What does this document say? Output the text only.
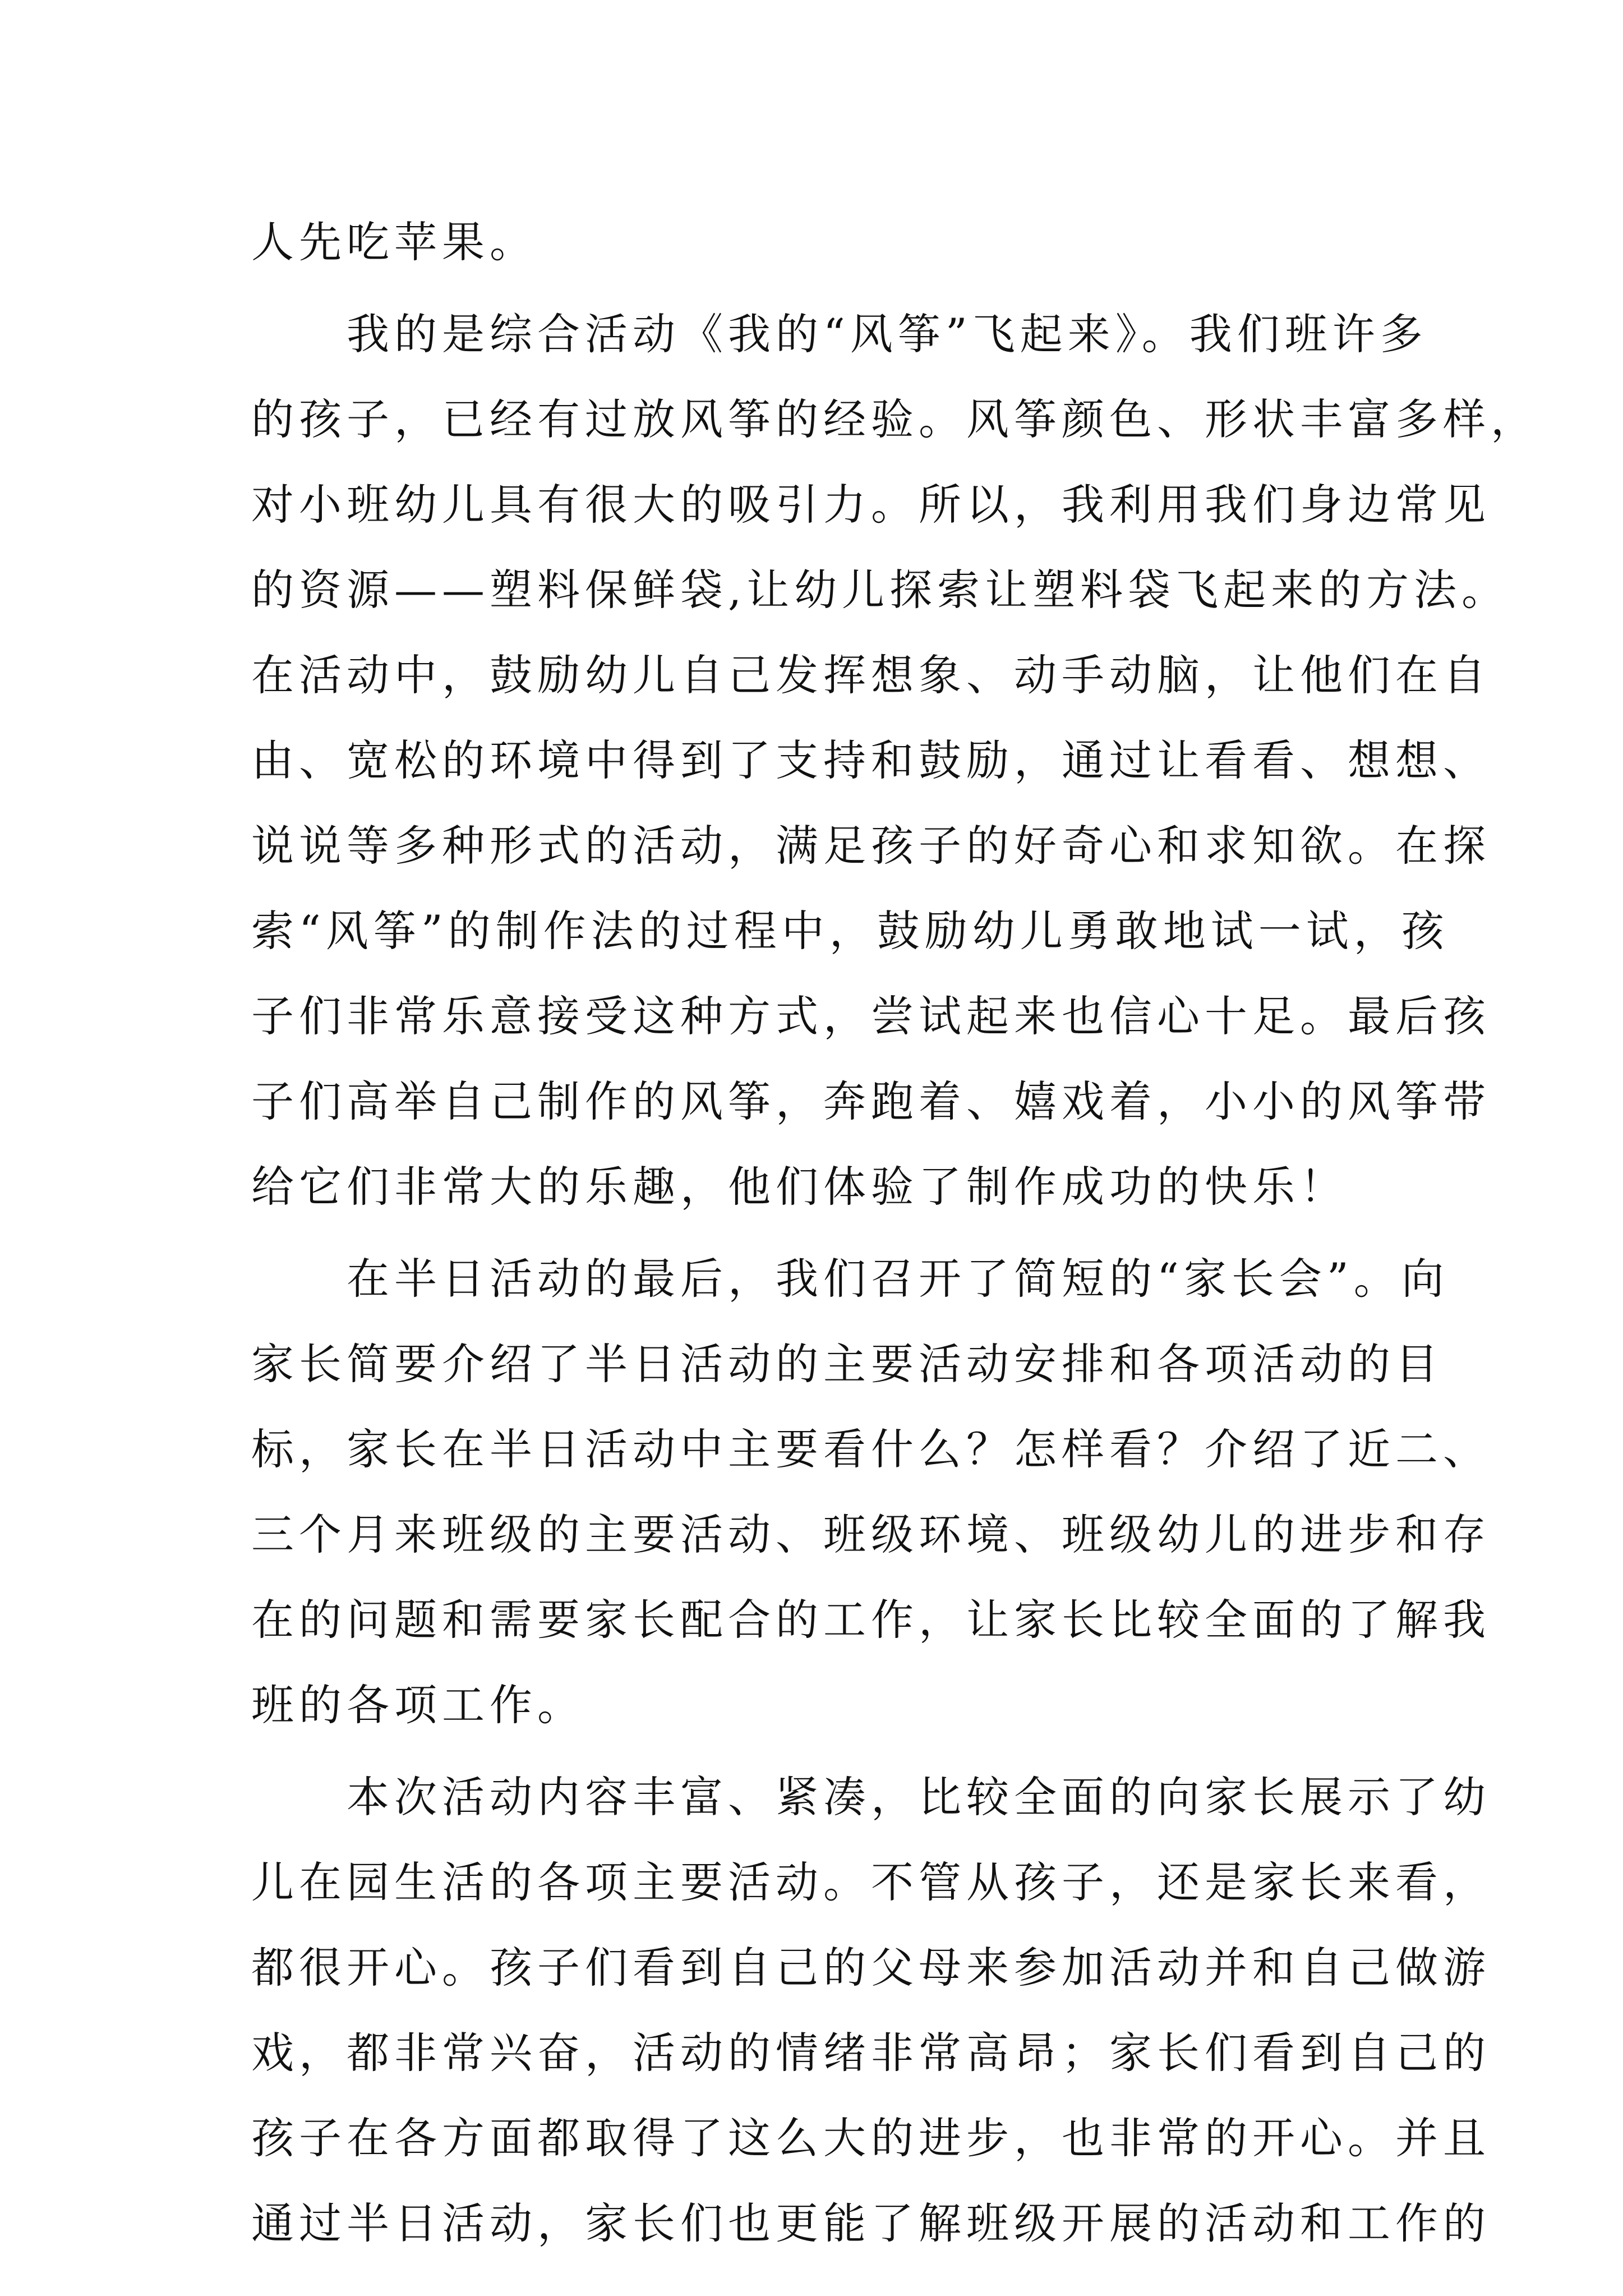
人先吃苹果。
我的是综合活动《我的“风筝”飞起来》。我们班许多
的孩子，已经有过放风筝的经验。风筝颜色、形状丰富多样，
对小班幼儿具有很大的吸引力。所以，我利用我们身边常见
的资源——塑料保鲜袋,让幼儿探索让塑料袋飞起来的方法。
在活动中，鼓励幼儿自己发挥想象、动手动脑，让他们在自
由、宽松的环境中得到了支持和鼓励，通过让看看、想想、
说说等多种形式的活动，满足孩子的好奇心和求知欲。在探
索“风筝”的制作法的过程中，鼓励幼儿勇敢地试一试，孩
子们非常乐意接受这种方式，尝试起来也信心十足。最后孩
子们高举自己制作的风筝，奔跑着、嬉戏着，小小的风筝带
给它们非常大的乐趣，他们体验了制作成功的快乐！
在半日活动的最后，我们召开了简短的“家长会”。向
家长简要介绍了半日活动的主要活动安排和各项活动的目
标，家长在半日活动中主要看什么？怎样看？介绍了近二、
三个月来班级的主要活动、班级环境、班级幼儿的进步和存
在的问题和需要家长配合的工作，让家长比较全面的了解我
班的各项工作。
本次活动内容丰富、紧凑，比较全面的向家长展示了幼
儿在园生活的各项主要活动。不管从孩子，还是家长来看，
都很开心。孩子们看到自己的父母来参加活动并和自己做游
戏，都非常兴奋，活动的情绪非常高昂；家长们看到自己的
孩子在各方面都取得了这么大的进步，也非常的开心。并且
通过半日活动，家长们也更能了解班级开展的活动和工作的
